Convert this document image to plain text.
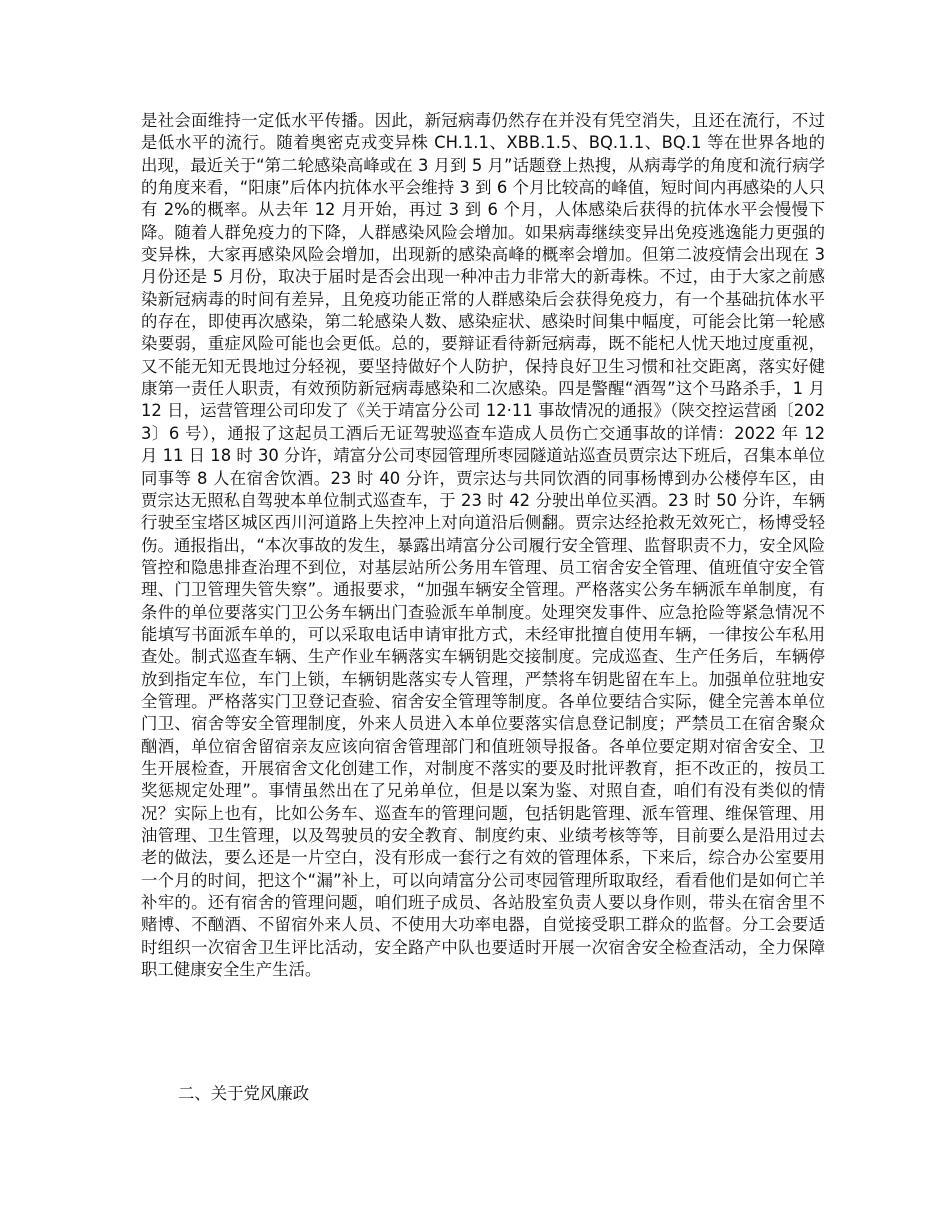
是社会面维持一定低水平传播。因此，新冠病毒仍然存在并没有凭空消失，且还在流行，不过是低水平的流行。随着奥密克戎变异株 CH.1.1、XBB.1.5、BQ.1.1、BQ.1 等在世界各地的出现，最近关于“第二轮感染高峰或在 3 月到 5 月”话题登上热搜，从病毒学的角度和流行病学的角度来看，“阳康”后体内抗体水平会维持 3 到 6 个月比较高的峰值，短时间内再感染的人只有 2%的概率。从去年 12 月开始，再过 3 到 6 个月，人体感染后获得的抗体水平会慢慢下降。随着人群免疫力的下降，人群感染风险会增加。如果病毒继续变异出免疫逃逸能力更强的变异株，大家再感染风险会增加，出现新的感染高峰的概率会增加。但第二波疫情会出现在 3 月份还是 5 月份，取决于届时是否会出现一种冲击力非常大的新毒株。不过，由于大家之前感染新冠病毒的时间有差异，且免疫功能正常的人群感染后会获得免疫力，有一个基础抗体水平的存在，即使再次感染，第二轮感染人数、感染症状、感染时间集中幅度，可能会比第一轮感染要弱，重症风险可能也会更低。总的，要辩证看待新冠病毒，既不能杞人忧天地过度重视，又不能无知无畏地过分轻视，要坚持做好个人防护，保持良好卫生习惯和社交距离，落实好健康第一责任人职责，有效预防新冠病毒感染和二次感染。四是警醒“酒驾”这个马路杀手，1 月 12 日，运营管理公司印发了《关于靖富分公司 12·11 事故情况的通报》（陕交控运营函〔2023〕6 号），通报了这起员工酒后无证驾驶巡查车造成人员伤亡交通事故的详情：2022 年 12 月 11 日 18 时 30 分许，靖富分公司枣园管理所枣园隧道站巡查员贾宗达下班后，召集本单位同事等 8 人在宿舍饮酒。23 时 40 分许，贾宗达与共同饮酒的同事杨博到办公楼停车区，由贾宗达无照私自驾驶本单位制式巡查车，于 23 时 42 分驶出单位买酒。23 时 50 分许，车辆行驶至宝塔区城区西川河道路上失控冲上对向道沿后侧翻。贾宗达经抢救无效死亡，杨博受轻伤。通报指出，“本次事故的发生，暴露出靖富分公司履行安全管理、监督职责不力，安全风险管控和隐患排查治理不到位，对基层站所公务用车管理、员工宿舍安全管理、值班值守安全管理、门卫管理失管失察”。通报要求，“加强车辆安全管理。严格落实公务车辆派车单制度，有条件的单位要落实门卫公务车辆出门查验派车单制度。处理突发事件、应急抢险等紧急情况不能填写书面派车单的，可以采取电话申请审批方式，未经审批擅自使用车辆，一律按公车私用查处。制式巡查车辆、生产作业车辆落实车辆钥匙交接制度。完成巡查、生产任务后，车辆停放到指定车位，车门上锁，车辆钥匙落实专人管理，严禁将车钥匙留在车上。加强单位驻地安全管理。严格落实门卫登记查验、宿舍安全管理等制度。各单位要结合实际，健全完善本单位门卫、宿舍等安全管理制度，外来人员进入本单位要落实信息登记制度；严禁员工在宿舍聚众酗酒，单位宿舍留宿亲友应该向宿舍管理部门和值班领导报备。各单位要定期对宿舍安全、卫生开展检查，开展宿舍文化创建工作，对制度不落实的要及时批评教育，拒不改正的，按员工奖惩规定处理”。事情虽然出在了兄弟单位，但是以案为鉴、对照自查，咱们有没有类似的情况？实际上也有，比如公务车、巡查车的管理问题，包括钥匙管理、派车管理、维保管理、用油管理、卫生管理，以及驾驶员的安全教育、制度约束、业绩考核等等，目前要么是沿用过去老的做法，要么还是一片空白，没有形成一套行之有效的管理体系，下来后，综合办公室要用一个月的时间，把这个“漏”补上，可以向靖富分公司枣园管理所取取经，看看他们是如何亡羊补牢的。还有宿舍的管理问题，咱们班子成员、各站股室负责人要以身作则，带头在宿舍里不赌博、不酗酒、不留宿外来人员、不使用大功率电器，自觉接受职工群众的监督。分工会要适时组织一次宿舍卫生评比活动，安全路产中队也要适时开展一次宿舍安全检查活动，全力保障职工健康安全生产生活。

二、关于党风廉政
